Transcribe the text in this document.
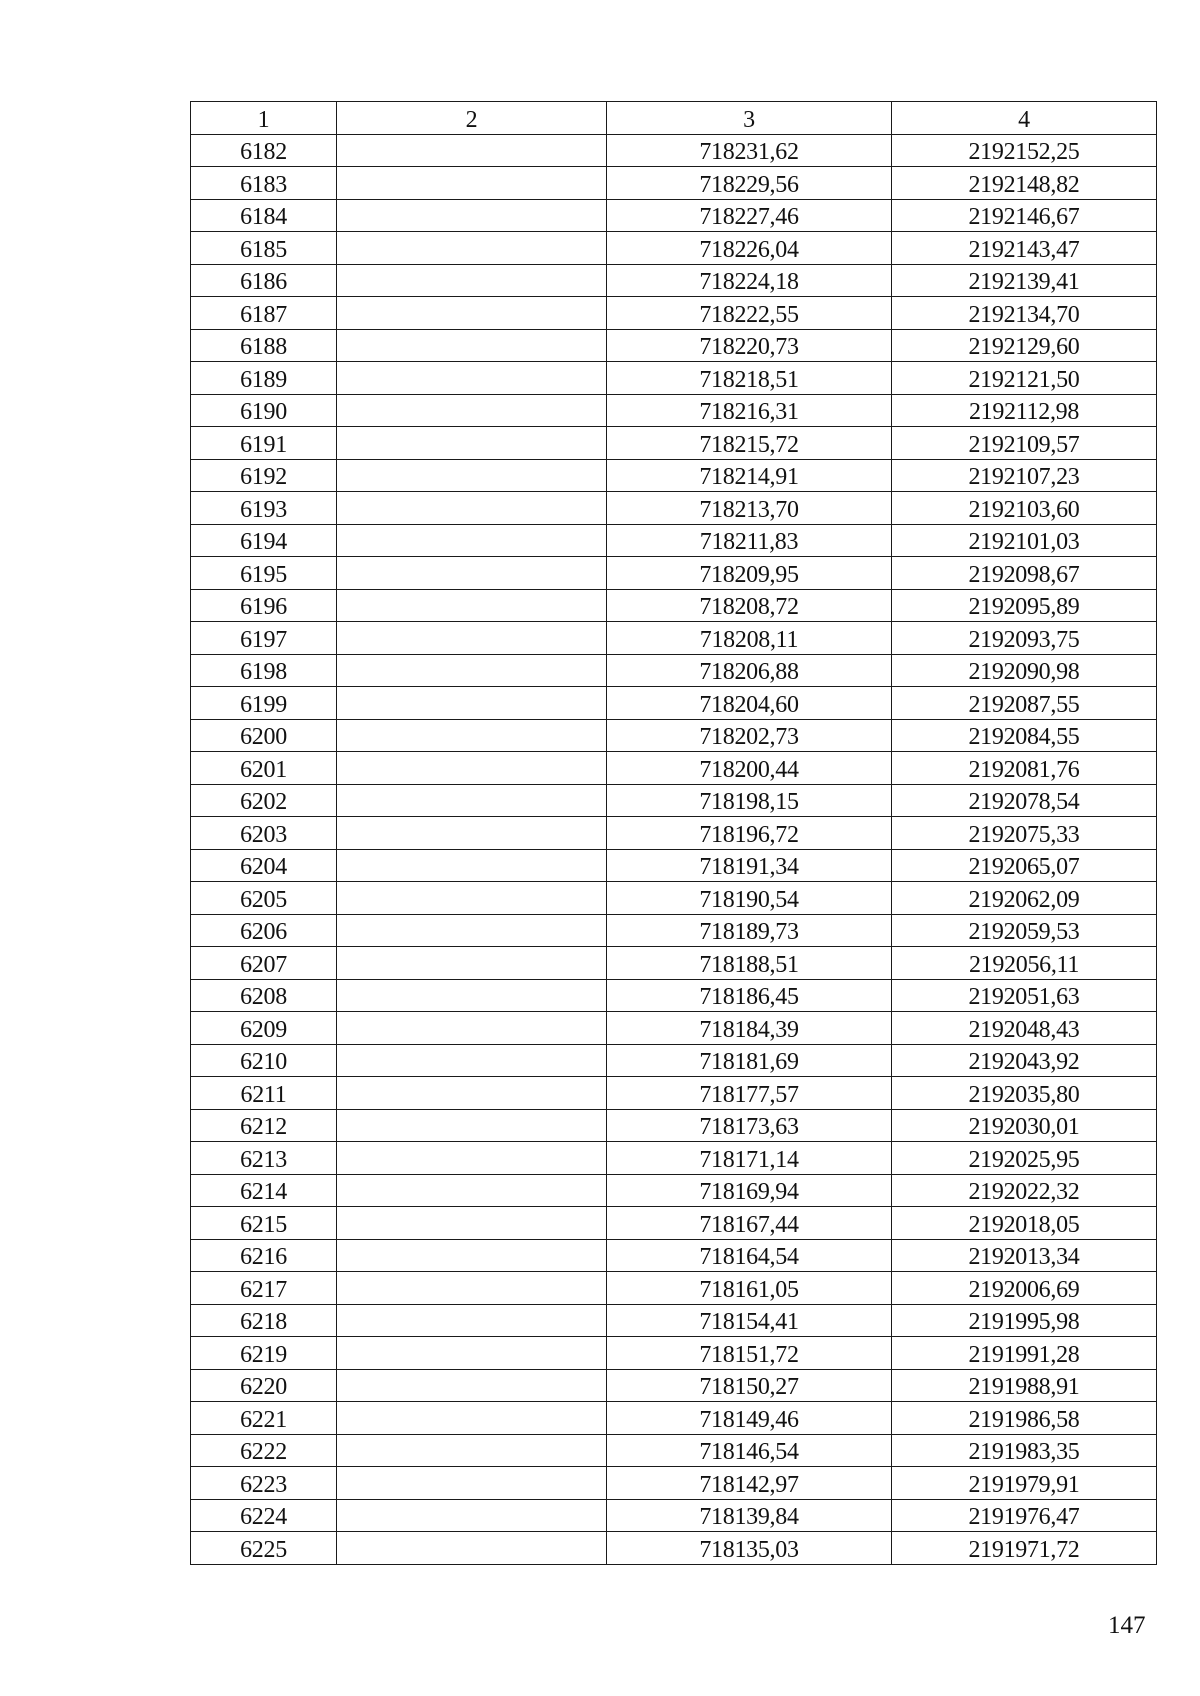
1	2	3	4
6182		718231,62	2192152,25
6183		718229,56	2192148,82
6184		718227,46	2192146,67
6185		718226,04	2192143,47
6186		718224,18	2192139,41
6187		718222,55	2192134,70
6188		718220,73	2192129,60
6189		718218,51	2192121,50
6190		718216,31	2192112,98
6191		718215,72	2192109,57
6192		718214,91	2192107,23
6193		718213,70	2192103,60
6194		718211,83	2192101,03
6195		718209,95	2192098,67
6196		718208,72	2192095,89
6197		718208,11	2192093,75
6198		718206,88	2192090,98
6199		718204,60	2192087,55
6200		718202,73	2192084,55
6201		718200,44	2192081,76
6202		718198,15	2192078,54
6203		718196,72	2192075,33
6204		718191,34	2192065,07
6205		718190,54	2192062,09
6206		718189,73	2192059,53
6207		718188,51	2192056,11
6208		718186,45	2192051,63
6209		718184,39	2192048,43
6210		718181,69	2192043,92
6211		718177,57	2192035,80
6212		718173,63	2192030,01
6213		718171,14	2192025,95
6214		718169,94	2192022,32
6215		718167,44	2192018,05
6216		718164,54	2192013,34
6217		718161,05	2192006,69
6218		718154,41	2191995,98
6219		718151,72	2191991,28
6220		718150,27	2191988,91
6221		718149,46	2191986,58
6222		718146,54	2191983,35
6223		718142,97	2191979,91
6224		718139,84	2191976,47
6225		718135,03	2191971,72
147
